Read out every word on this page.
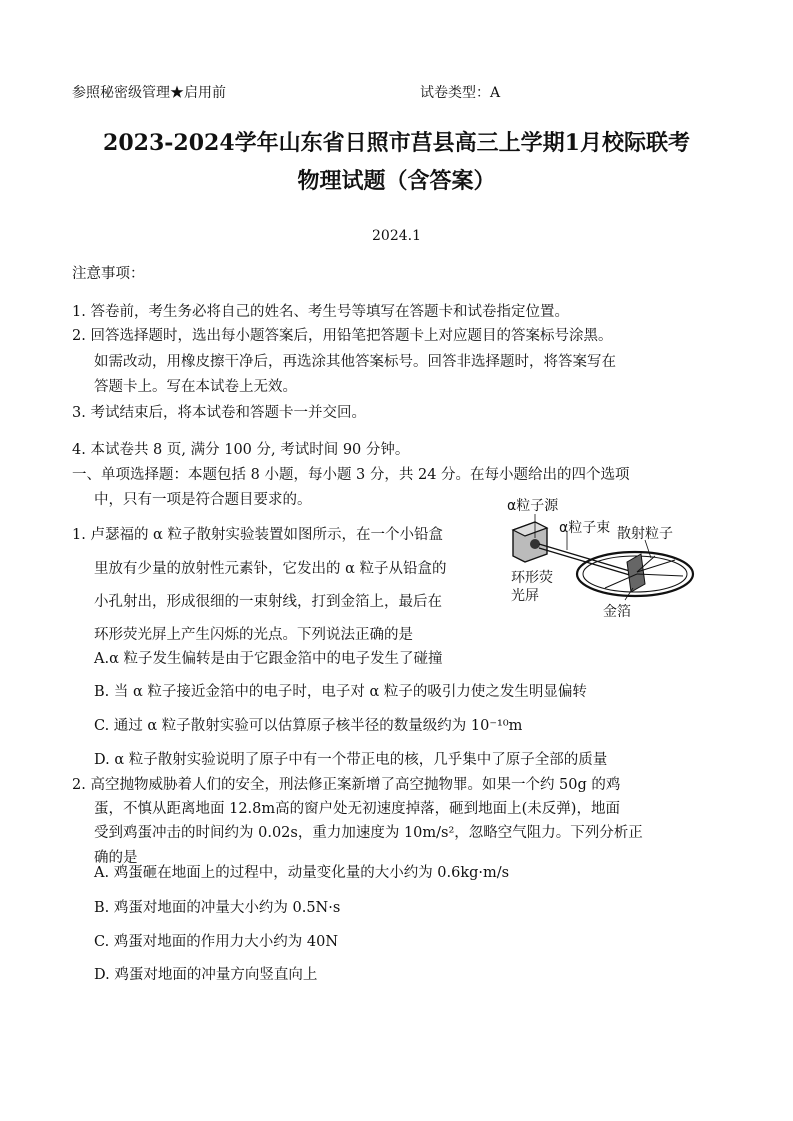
参照秘密级管理★启用前	试卷类型：A
2023-2024学年山东省日照市莒县高三上学期1月校际联考
物理试题（含答案）
2024.1
注意事项：
1. 答卷前，考生务必将自己的姓名、考生号等填写在答题卡和试卷指定位置。
2. 回答选择题时，选出每小题答案后，用铅笔把答题卡上对应题目的答案标号涂黑。
如需改动，用橡皮擦干净后，再选涂其他答案标号。回答非选择题时，将答案写在
答题卡上。写在本试卷上无效。
3. 考试结束后，将本试卷和答题卡一并交回。
4. 本试卷共 8 页, 满分 100 分, 考试时间 90 分钟。
一、单项选择题：本题包括 8 小题，每小题 3 分，共 24 分。在每小题给出的四个选项
中，只有一项是符合题目要求的。
1. 卢瑟福的 α 粒子散射实验装置如图所示，在一个小铅盒
里放有少量的放射性元素钋，它发出的 α 粒子从铅盒的
小孔射出，形成很细的一束射线，打到金箔上，最后在
环形荧光屏上产生闪烁的光点。下列说法正确的是
α粒子源
α粒子束 散射粒子
环形荧
光屏
金箔
A.α 粒子发生偏转是由于它跟金箔中的电子发生了碰撞
B. 当 α 粒子接近金箔中的电子时，电子对 α 粒子的吸引力使之发生明显偏转
C. 通过 α 粒子散射实验可以估算原子核半径的数量级约为 10⁻¹⁰m
D. α 粒子散射实验说明了原子中有一个带正电的核，几乎集中了原子全部的质量
2. 高空抛物威胁着人们的安全，刑法修正案新增了高空抛物罪。如果一个约 50g 的鸡
蛋，不慎从距离地面 12.8m高的窗户处无初速度掉落，砸到地面上(未反弹)，地面
受到鸡蛋冲击的时间约为 0.02s，重力加速度为 10m/s²，忽略空气阻力。下列分析正
确的是
A. 鸡蛋砸在地面上的过程中，动量变化量的大小约为 0.6kg·m/s
B. 鸡蛋对地面的冲量大小约为 0.5N·s
C. 鸡蛋对地面的作用力大小约为 40N
D. 鸡蛋对地面的冲量方向竖直向上
